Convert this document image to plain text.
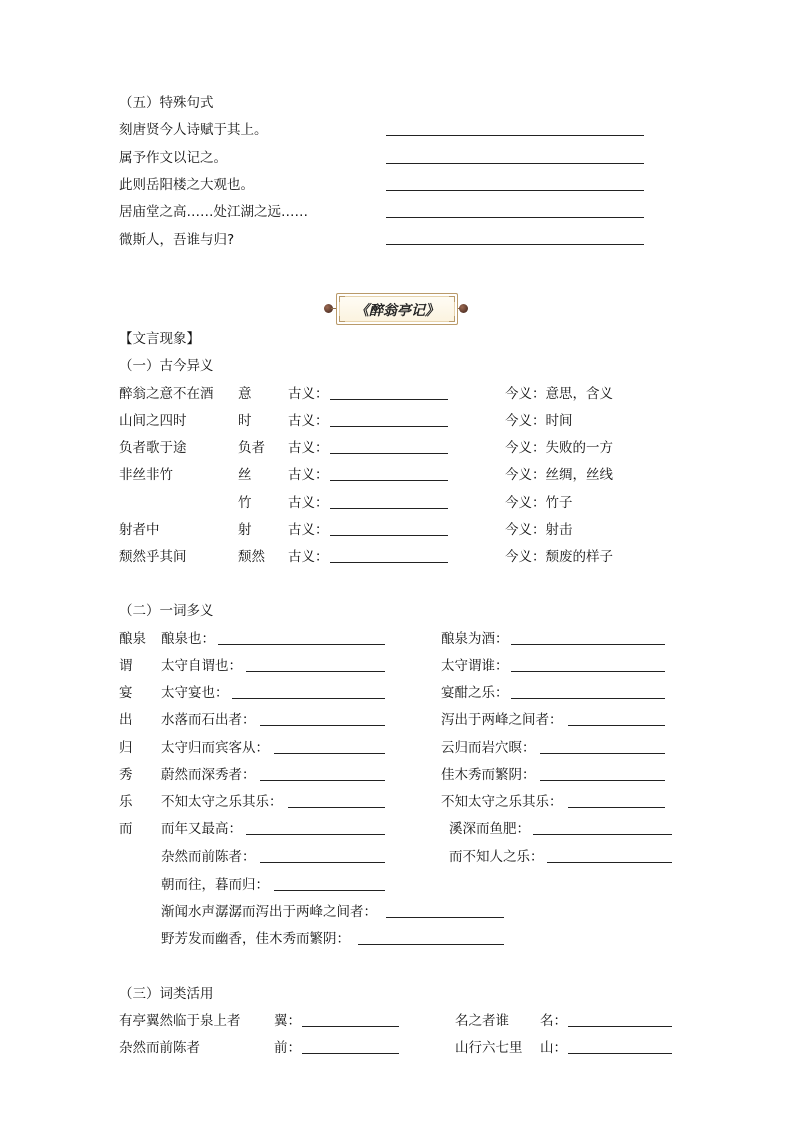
（五）特殊句式
刻唐贤今人诗赋于其上。
属予作文以记之。
此则岳阳楼之大观也。
居庙堂之高……处江湖之远……
微斯人，吾谁与归?
《醉翁亭记》
【文言现象】
（一）古今异义
醉翁之意不在酒 意	古义：	今义：意思，含义
山间之四时	时	古义：	今义：时间
负者歌于途	负者 古义：	今义：失败的一方
非丝非竹	丝	古义：	今义：丝绸，丝线
竹	古义：	今义：竹子
射者中	射	古义：	今义：射击
颓然乎其间	颓然 古义：	今义：颓废的样子
（二）一词多义
酿泉 酿泉也：	酿泉为酒：
谓 太守自谓也：	太守谓谁：
宴 太守宴也：	宴酣之乐：
出 水落而石出者：	泻出于两峰之间者：
归 太守归而宾客从：	云归而岩穴暝：
秀 蔚然而深秀者：	佳木秀而繁阴：
乐 不知太守之乐其乐：	不知太守之乐其乐：
而 而年又最高：	溪深而鱼肥：
杂然而前陈者：	而不知人之乐：
朝而往，暮而归：
渐闻水声潺潺而泻出于两峰之间者：
野芳发而幽香，佳木秀而繁阴：
（三）词类活用
有亭翼然临于泉上者 翼：	名之者谁 名：
杂然而前陈者	前：	山行六七里 山：
